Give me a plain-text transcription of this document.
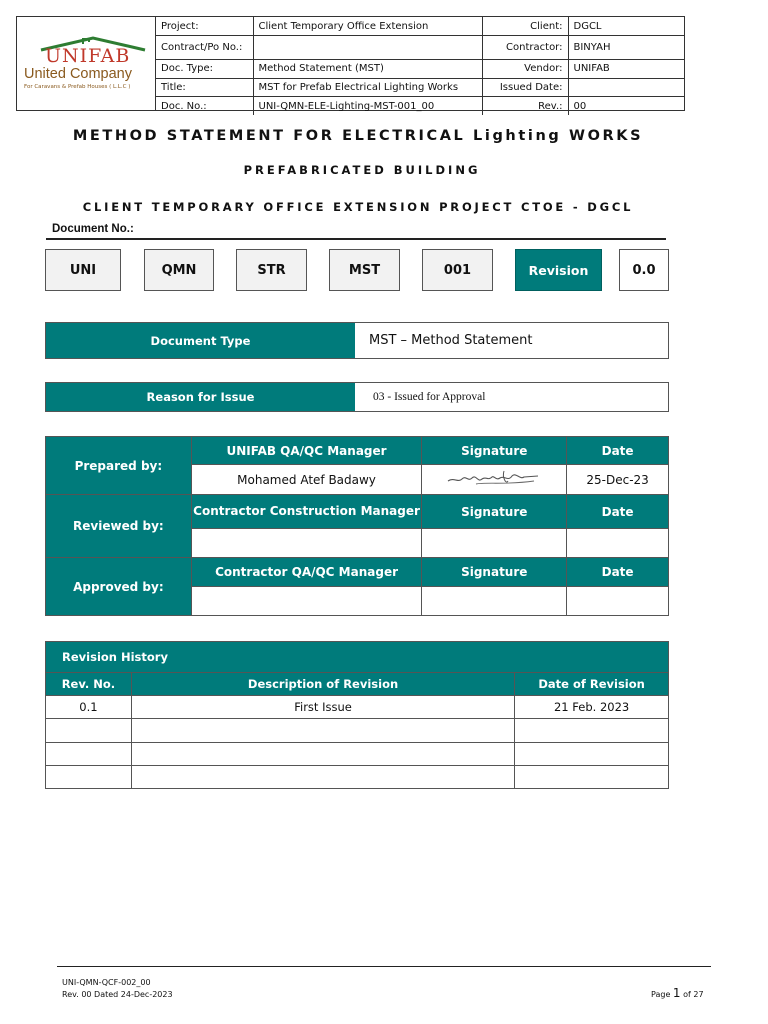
UNIFAB
United Company
For Caravans & Prefab Houses ( L.L.C )
Project:	Client Temporary Office Extension	Client:	DGCL
Contract/Po No.:		Contractor:	BINYAH
Doc. Type:	Method Statement (MST)	Vendor:	UNIFAB
Title:	MST for Prefab Electrical Lighting Works	Issued Date:	
Doc. No.:	UNI-QMN-ELE-Lighting-MST-001_00	Rev.:	00
METHOD STATEMENT FOR ELECTRICAL Lighting WORKS
PREFABRICATED BUILDING
CLIENT TEMPORARY OFFICE EXTENSION PROJECT CTOE - DGCL
Document No.:
UNI	QMN	STR	MST	001	Revision	0.0
Document Type	MST – Method Statement
Reason for Issue	03 - Issued for Approval
Prepared by:	UNIFAB QA/QC Manager	Signature	Date
	Mohamed Atef Badawy		25-Dec-23
Reviewed by:	Contractor Construction Manager	Signature	Date

Approved by:	Contractor QA/QC Manager	Signature	Date

Revision History
Rev. No.	Description of Revision	Date of Revision
0.1	First Issue	21 Feb. 2023

UNI-QMN-QCF-002_00
Rev. 00 Dated 24-Dec-2023	Page 1 of 27
